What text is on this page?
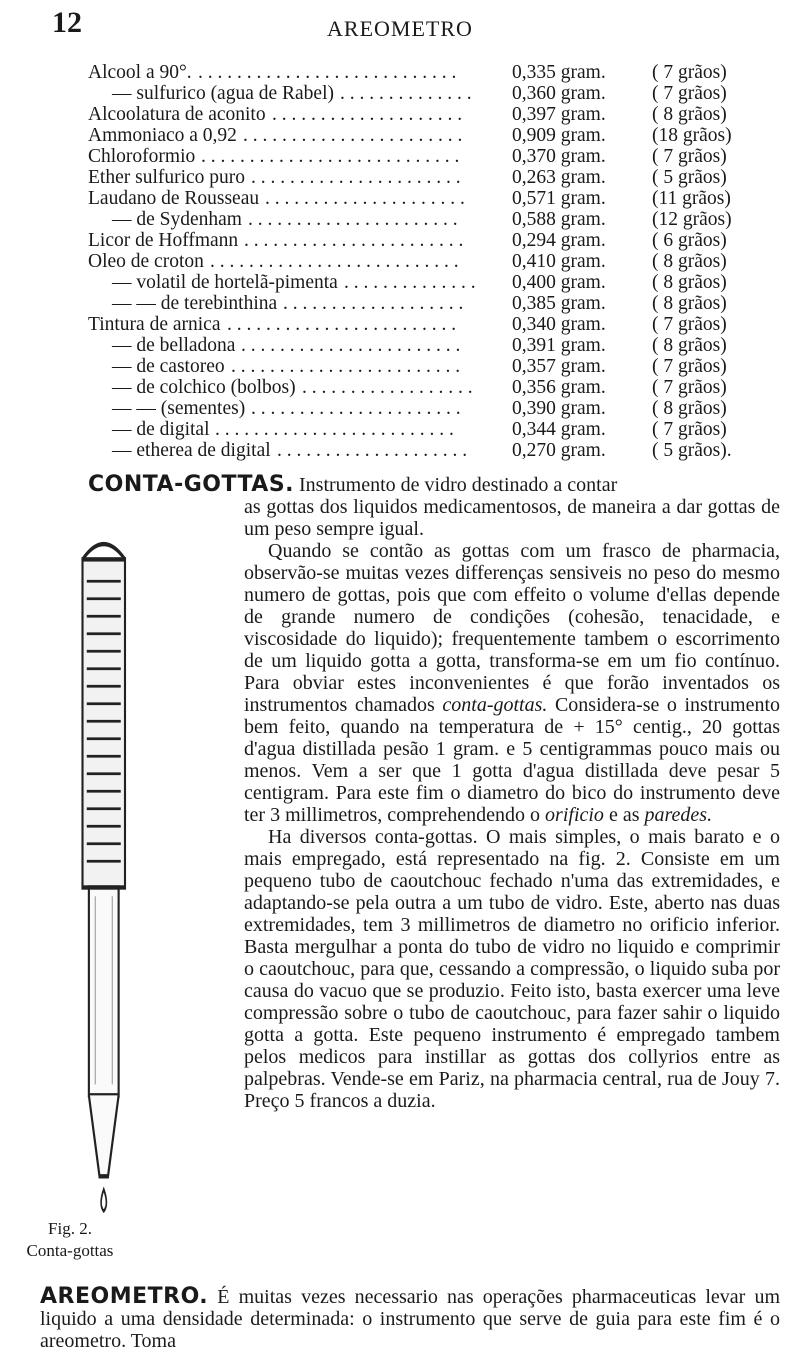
12	AREOMETRO
. . . . . . . . . . . . . . . . . . . . . . . . . . .
Alcool a 90°.	0,335 gram. ( 7 grãos)
. . . . . . . . . . . . . .
— sulfurico (agua de Rabel)	0,360 gram. ( 7 grãos)
. . . . . . . . . . . . . . . . . . . .
Alcoolatura de aconito	0,397 gram. ( 8 grãos)
. . . . . . . . . . . . . . . . . . . . . . .
Ammoniaco a 0,92	0,909 gram. (18 grãos)
. . . . . . . . . . . . . . . . . . . . . . . . . . .
Chloroformio	0,370 gram. ( 7 grãos)
. . . . . . . . . . . . . . . . . . . . . .
Ether sulfurico puro	0,263 gram. ( 5 grãos)
. . . . . . . . . . . . . . . . . . . . .
Laudano de Rousseau	0,571 gram. (11 grãos)
. . . . . . . . . . . . . . . . . . . . . .
— de Sydenham	0,588 gram. (12 grãos)
. . . . . . . . . . . . . . . . . . . . . . .
Licor de Hoffmann	0,294 gram. ( 6 grãos)
. . . . . . . . . . . . . . . . . . . . . . . . . .
Oleo de croton	0,410 gram. ( 8 grãos)
. . . . . . . . . . . . . .
— volatil de hortelã-pimenta	0,400 gram. ( 8 grãos)
. . . . . . . . . . . . . . . . . . .
— — de terebinthina	0,385 gram. ( 8 grãos)
. . . . . . . . . . . . . . . . . . . . . . . .
Tintura de arnica	0,340 gram. ( 7 grãos)
. . . . . . . . . . . . . . . . . . . . . . .
— de belladona	0,391 gram. ( 8 grãos)
. . . . . . . . . . . . . . . . . . . . . . . .
— de castoreo	0,357 gram. ( 7 grãos)
. . . . . . . . . . . . . . . . . .
— de colchico (bolbos)	0,356 gram. ( 7 grãos)
. . . . . . . . . . . . . . . . . . . . . .
— — (sementes)	0,390 gram. ( 8 grãos)
. . . . . . . . . . . . . . . . . . . . . . . . .
— de digital	0,344 gram. ( 7 grãos)
. . . . . . . . . . . . . . . . . . . .
— etherea de digital	0,270 gram. ( 5 grãos).
CONTA-GOTTAS. Instrumento de vidro destinado a contar

as gottas dos liquidos medicamentosos, de maneira a dar gottas de um peso sempre igual.

Quando se contão as gottas com um frasco de pharmacia, observão-se muitas vezes differenças sensiveis no peso do mesmo numero de gottas, pois que com effeito o volume d'ellas depende de grande numero de condições (cohesão, tenacidade, e viscosidade do liquido); frequentemente tambem o escorrimento de um liquido gotta a gotta, transforma-se em um fio contínuo. Para obviar estes inconvenientes é que forão inventados os instrumentos chamados conta-gottas. Considera-se o instrumento bem feito, quando na temperatura de + 15° centig., 20 gottas d'agua distillada pesão 1 gram. e 5 centigrammas pouco mais ou menos. Vem a ser que 1 gotta d'agua distillada deve pesar 5 centigram. Para este fim o diametro do bico do instrumento deve ter 3 millimetros, comprehendendo o orificio e as paredes.

Ha diversos conta-gottas. O mais simples, o mais barato e o mais empregado, está representado na fig. 2. Consiste em um pequeno tubo de caoutchouc fechado n'uma das extremidades, e adaptando-se pela outra a um tubo de vidro. Este, aberto nas duas extremidades, tem 3 millimetros de diametro no orificio inferior. Basta mergulhar a ponta do tubo de vidro no liquido e comprimir o caoutchouc, para que, cessando a compressão, o liquido suba por causa do vacuo que se produzio. Feito isto, basta exercer uma leve compressão sobre o tubo de caoutchouc, para fazer sahir o liquido gotta a gotta. Este pequeno instrumento é empregado tambem pelos medicos para instillar as gottas dos collyrios entre as palpebras. Vende-se em Pariz, na pharmacia central, rua de Jouy 7. Preço 5 francos a duzia.

Fig. 2.
Conta-gottas
AREOMETRO. É muitas vezes necessario nas operações pharmaceuticas levar um liquido a uma densidade determinada: o instrumento que serve de guia para este fim é o areometro. Toma
